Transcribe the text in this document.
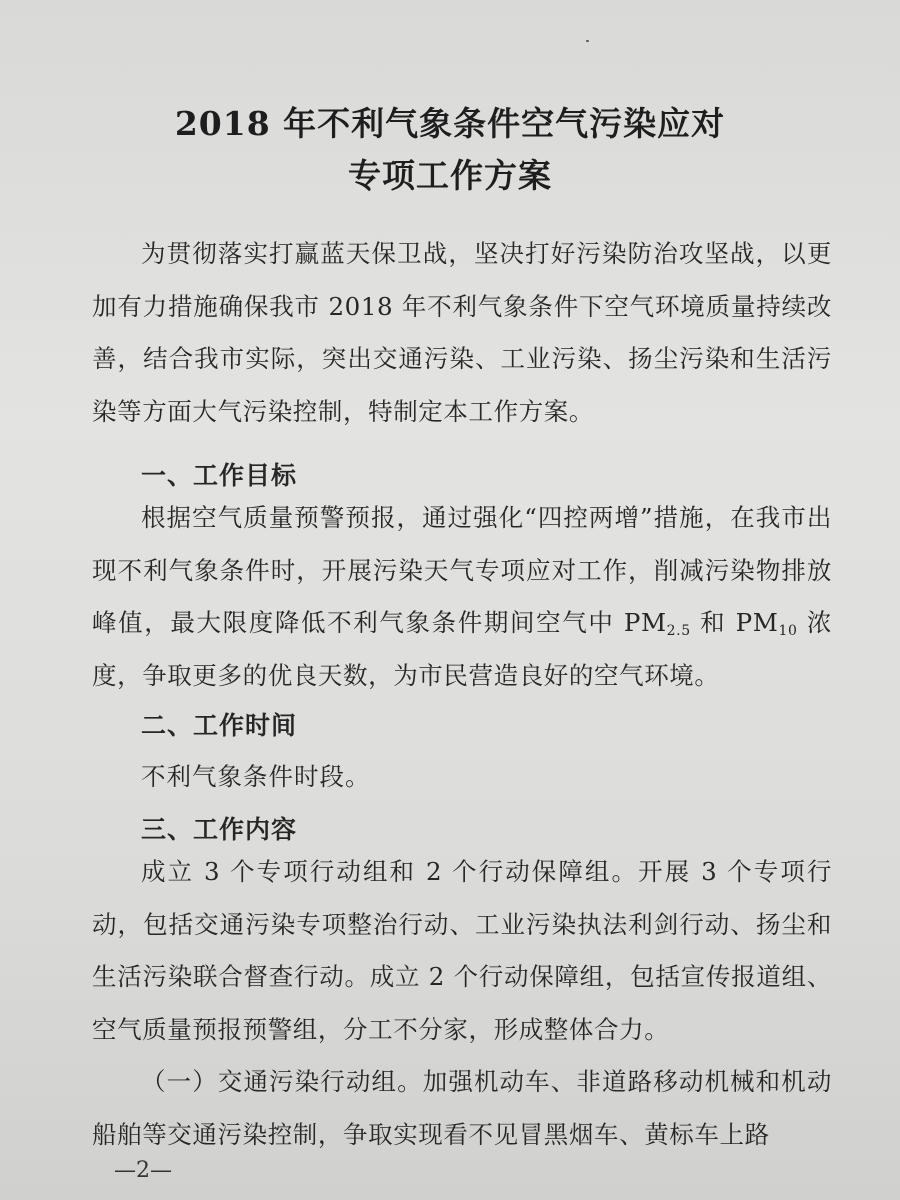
2018 年不利气象条件空气污染应对
专项工作方案

为贯彻落实打赢蓝天保卫战，坚决打好污染防治攻坚战，以更加有力措施确保我市 2018 年不利气象条件下空气环境质量持续改善，结合我市实际，突出交通污染、工业污染、扬尘污染和生活污染等方面大气污染控制，特制定本工作方案。

一、工作目标

根据空气质量预警预报，通过强化“四控两增”措施，在我市出现不利气象条件时，开展污染天气专项应对工作，削减污染物排放峰值，最大限度降低不利气象条件期间空气中 $PM_{2.5}$ 和 $PM_{10}$ 浓度，争取更多的优良天数，为市民营造良好的空气环境。

二、工作时间
不利气象条件时段。
三、工作内容

成立 3 个专项行动组和 2 个行动保障组。开展 3 个专项行动，包括交通污染专项整治行动、工业污染执法利剑行动、扬尘和生活污染联合督查行动。成立 2 个行动保障组，包括宣传报道组、空气质量预报预警组，分工不分家，形成整体合力。

（一）交通污染行动组。加强机动车、非道路移动机械和机动船舶等交通污染控制，争取实现看不见冒黑烟车、黄标车上路

—2—
